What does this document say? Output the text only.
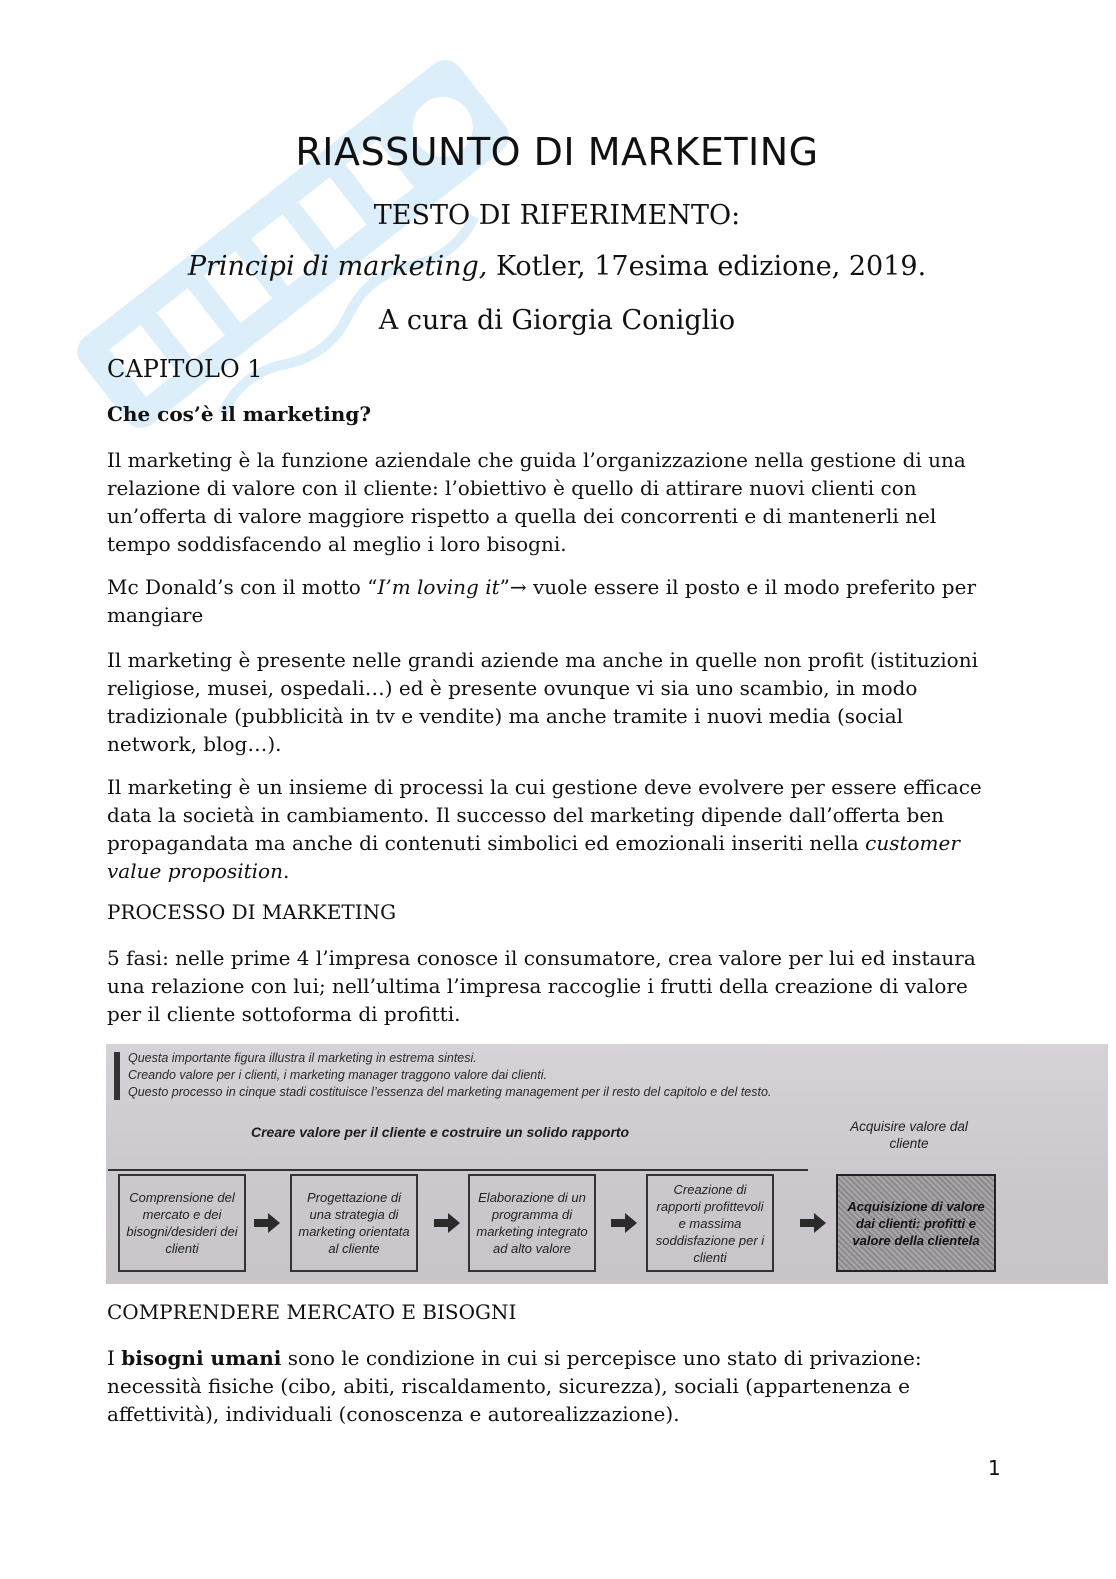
RIASSUNTO DI MARKETING
TESTO DI RIFERIMENTO:
Principi di marketing, Kotler, 17esima edizione, 2019.
A cura di Giorgia Coniglio
CAPITOLO 1
Che cos’è il marketing?

Il marketing è la funzione aziendale che guida l’organizzazione nella gestione di una relazione di valore con il cliente: l’obiettivo è quello di attirare nuovi clienti con un’offerta di valore maggiore rispetto a quella dei concorrenti e di mantenerli nel tempo soddisfacendo al meglio i loro bisogni.

Mc Donald’s con il motto “I’m loving it”→ vuole essere il posto e il modo preferito per mangiare

Il marketing è presente nelle grandi aziende ma anche in quelle non profit (istituzioni religiose, musei, ospedali…) ed è presente ovunque vi sia uno scambio, in modo tradizionale (pubblicità in tv e vendite) ma anche tramite i nuovi media (social network, blog…).

Il marketing è un insieme di processi la cui gestione deve evolvere per essere efficace data la società in cambiamento. Il successo del marketing dipende dall’offerta ben propagandata ma anche di contenuti simbolici ed emozionali inseriti nella customer value proposition.

PROCESSO DI MARKETING

5 fasi: nelle prime 4 l’impresa conosce il consumatore, crea valore per lui ed instaura una relazione con lui; nell’ultima l’impresa raccoglie i frutti della creazione di valore per il cliente sottoforma di profitti.

COMPRENDERE MERCATO E BISOGNI

I bisogni umani sono le condizione in cui si percepisce uno stato di privazione: necessità fisiche (cibo, abiti, riscaldamento, sicurezza), sociali (appartenenza e affettività), individuali (conoscenza e autorealizzazione).

Questa importante figura illustra il marketing in estrema sintesi.
Creando valore per i clienti, i marketing manager traggono valore dai clienti.
Questo processo in cinque stadi costituisce l’essenza del marketing management per il resto del capitolo e del testo.
Creare valore per il cliente e costruire un solido rapporto	Acquisire valore dal cliente
Comprensione del mercato e dei bisogni/desideri dei clienti
Progettazione di una strategia di marketing orientata al cliente
Elaborazione di un programma di marketing integrato ad alto valore
Creazione di rapporti profittevoli e massima soddisfazione per i clienti
Acquisizione di valore dai clienti: profitti e valore della clientela
1
